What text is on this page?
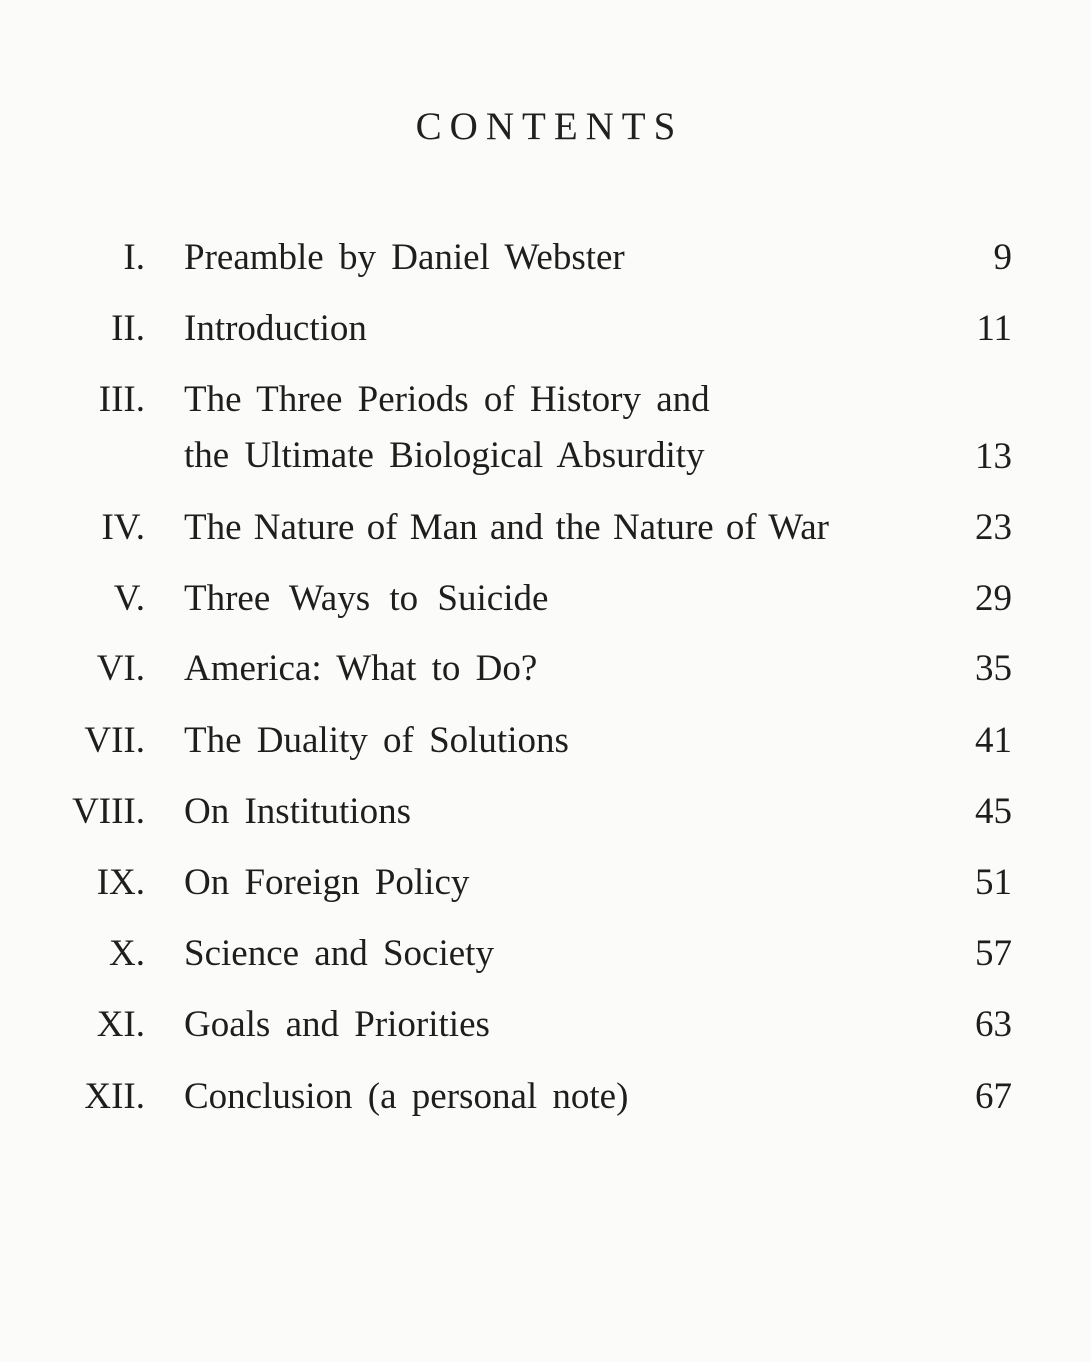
CONTENTS
I. Preamble by Daniel Webster	9
II. Introduction	11
III. The Three Periods of History and
the Ultimate Biological Absurdity	13
IV. The Nature of Man and the Nature of War	23
V. Three Ways to Suicide	29
VI. America: What to Do?	35
VII. The Duality of Solutions	41
VIII. On Institutions	45
IX. On Foreign Policy	51
X. Science and Society	57
XI. Goals and Priorities	63
XII. Conclusion (a personal note)	67
